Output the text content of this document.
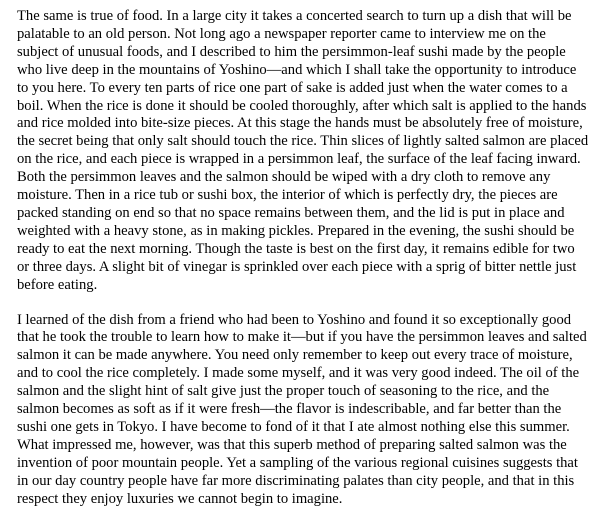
The same is true of food. In a large city it takes a concerted search to turn up a dish that will be
palatable to an old person. Not long ago a newspaper reporter came to interview me on the
subject of unusual foods, and I described to him the persimmon-leaf sushi made by the people
who live deep in the mountains of Yoshino—and which I shall take the opportunity to introduce
to you here. To every ten parts of rice one part of sake is added just when the water comes to a
boil. When the rice is done it should be cooled thoroughly, after which salt is applied to the hands
and rice molded into bite-size pieces. At this stage the hands must be absolutely free of moisture,
the secret being that only salt should touch the rice. Thin slices of lightly salted salmon are placed
on the rice, and each piece is wrapped in a persimmon leaf, the surface of the leaf facing inward.
Both the persimmon leaves and the salmon should be wiped with a dry cloth to remove any
moisture. Then in a rice tub or sushi box, the interior of which is perfectly dry, the pieces are
packed standing on end so that no space remains between them, and the lid is put in place and
weighted with a heavy stone, as in making pickles. Prepared in the evening, the sushi should be
ready to eat the next morning. Though the taste is best on the first day, it remains edible for two
or three days. A slight bit of vinegar is sprinkled over each piece with a sprig of bitter nettle just
before eating.

I learned of the dish from a friend who had been to Yoshino and found it so exceptionally good
that he took the trouble to learn how to make it—but if you have the persimmon leaves and salted
salmon it can be made anywhere. You need only remember to keep out every trace of moisture,
and to cool the rice completely. I made some myself, and it was very good indeed. The oil of the
salmon and the slight hint of salt give just the proper touch of seasoning to the rice, and the
salmon becomes as soft as if it were fresh—the flavor is indescribable, and far better than the
sushi one gets in Tokyo. I have become to fond of it that I ate almost nothing else this summer.
What impressed me, however, was that this superb method of preparing salted salmon was the
invention of poor mountain people. Yet a sampling of the various regional cuisines suggests that
in our day country people have far more discriminating palates than city people, and that in this
respect they enjoy luxuries we cannot begin to imagine.
